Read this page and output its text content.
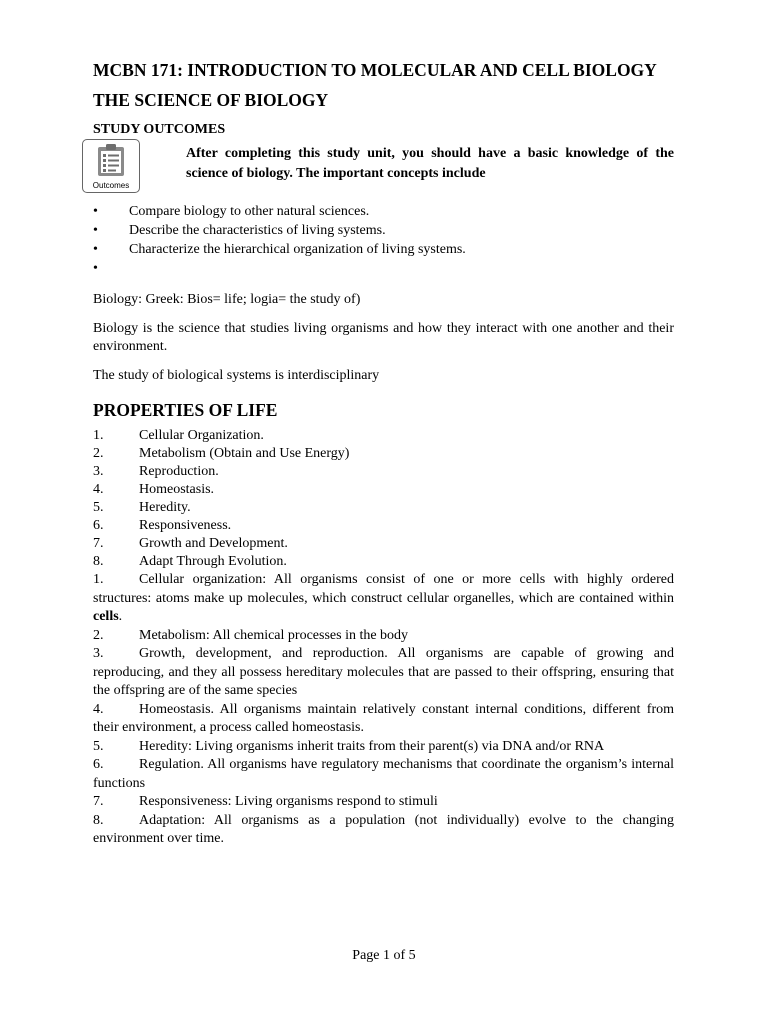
MCBN 171: INTRODUCTION TO MOLECULAR AND CELL BIOLOGY
THE SCIENCE OF BIOLOGY
STUDY OUTCOMES
Outcomes

After completing this study unit, you should have a basic knowledge of the science of biology. The important concepts include

• Compare biology to other natural sciences.
• Describe the characteristics of living systems.
• Characterize the hierarchical organization of living systems.
•

Biology: Greek: Bios= life; logia= the study of)

Biology is the science that studies living organisms and how they interact with one another and their environment.

The study of biological systems is interdisciplinary

PROPERTIES OF LIFE
1.	Cellular Organization.
2.	Metabolism (Obtain and Use Energy)
3.	Reproduction.
4.	Homeostasis.
5.	Heredity.
6.	Responsiveness.
7.	Growth and Development.
8.	Adapt Through Evolution.

1.	Cellular organization: All organisms consist of one or more cells with highly ordered structures: atoms make up molecules, which construct cellular organelles, which are contained within cells.

2.	Metabolism: All chemical processes in the body

3.	Growth, development, and reproduction. All organisms are capable of growing and reproducing, and they all possess hereditary molecules that are passed to their offspring, ensuring that the offspring are of the same species

4.	Homeostasis. All organisms maintain relatively constant internal conditions, different from their environment, a process called homeostasis.

5.	Heredity: Living organisms inherit traits from their parent(s) via DNA and/or RNA

6.	Regulation. All organisms have regulatory mechanisms that coordinate the organism’s internal functions

7.	Responsiveness: Living organisms respond to stimuli

8.	Adaptation: All organisms as a population (not individually) evolve to the changing environment over time.

Page 1 of 5
